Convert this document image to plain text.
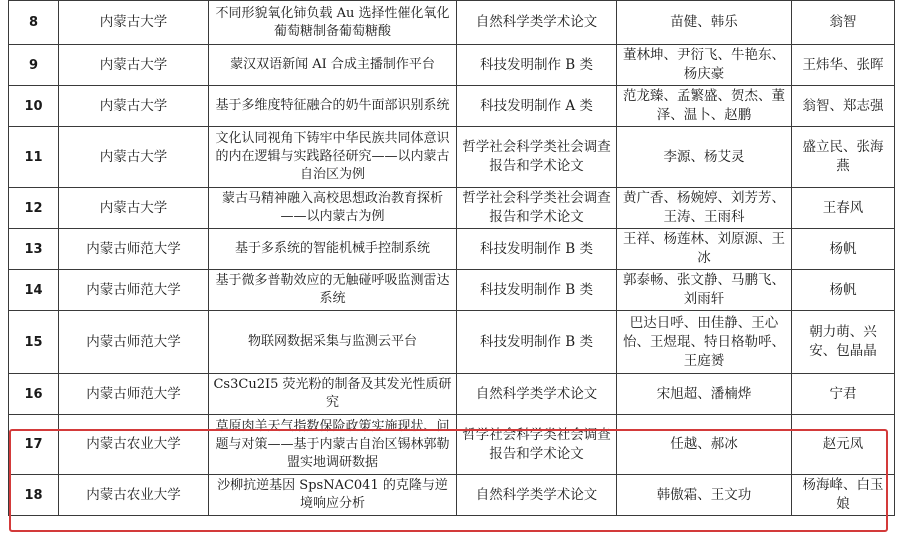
8	内蒙古大学	不同形貌氧化铈负载 Au 选择性催化氧化葡萄糖制备葡萄糖酸	自然科学类学术论文	苗健、韩乐	翁智
9	内蒙古大学	蒙汉双语新闻 AI 合成主播制作平台	科技发明制作 B 类	董林坤、尹衍飞、牛艳东、杨庆豪	王炜华、张晖
10	内蒙古大学	基于多维度特征融合的奶牛面部识别系统	科技发明制作 A 类	范龙臻、孟繁盛、贺杰、董泽、温卜、赵鹏	翁智、郑志强
11	内蒙古大学	文化认同视角下铸牢中华民族共同体意识的内在逻辑与实践路径研究——以内蒙古自治区为例	哲学社会科学类社会调查报告和学术论文	李源、杨艾灵	盛立民、张海燕
12	内蒙古大学	蒙古马精神融入高校思想政治教育探析——以内蒙古为例	哲学社会科学类社会调查报告和学术论文	黄广香、杨婉婷、刘芳芳、王涛、王雨科	王春风
13	内蒙古师范大学	基于多系统的智能机械手控制系统	科技发明制作 B 类	王祥、杨莲林、刘原源、王冰	杨帆
14	内蒙古师范大学	基于微多普勒效应的无触碰呼吸监测雷达系统	科技发明制作 B 类	郭泰畅、张文静、马鹏飞、刘雨轩	杨帆
15	内蒙古师范大学	物联网数据采集与监测云平台	科技发明制作 B 类	巴达日呼、田佳静、王心怡、王煜琨、特日格勒呼、王庭赟	朝力萌、兴安、包晶晶
16	内蒙古师范大学	Cs3Cu2I5 荧光粉的制备及其发光性质研究	自然科学类学术论文	宋旭超、潘楠烨	宁君
17	内蒙古农业大学	草原肉羊天气指数保险政策实施现状、问题与对策——基于内蒙古自治区锡林郭勒盟实地调研数据	哲学社会科学类社会调查报告和学术论文	任越、郝冰	赵元凤
18	内蒙古农业大学	沙柳抗逆基因 SpsNAC041 的克隆与逆境响应分析	自然科学类学术论文	韩傲霜、王文功	杨海峰、白玉娘
